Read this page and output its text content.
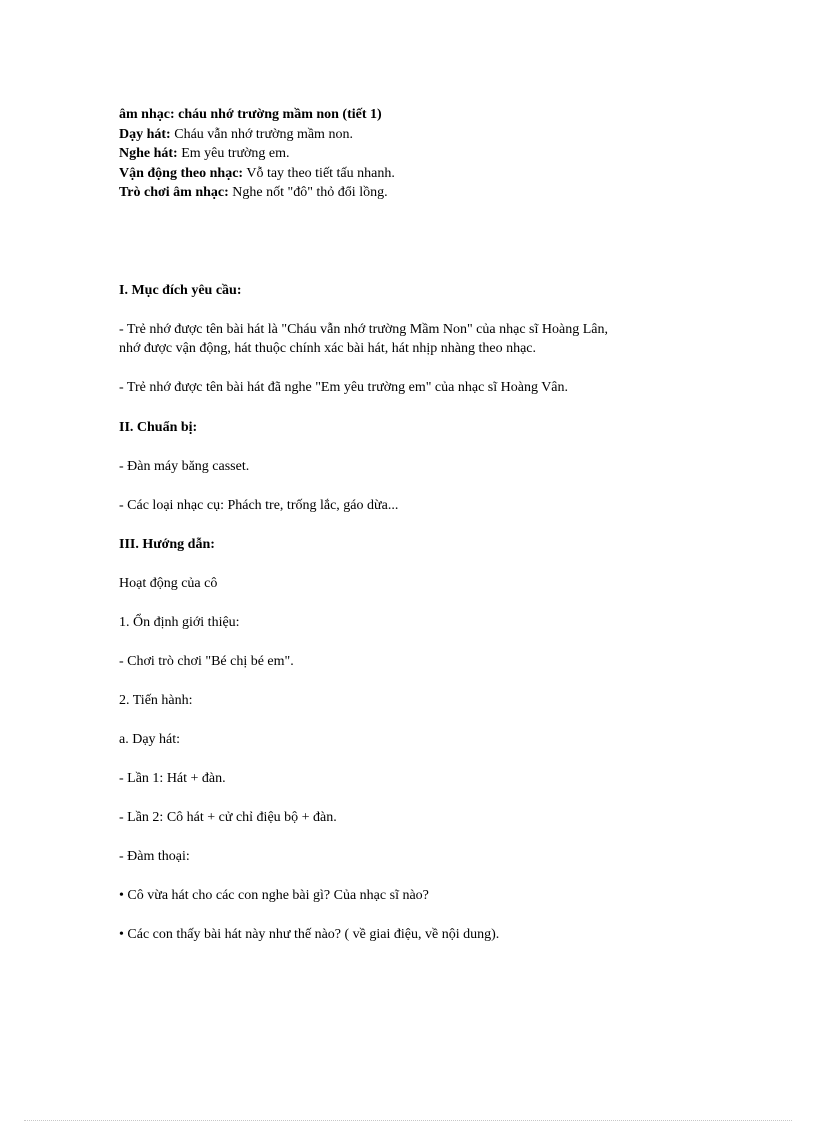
âm nhạc: cháu nhớ trường mầm non (tiết 1)
Dạy hát: Cháu vẫn nhớ trường mầm non.
Nghe hát: Em yêu trường em.
Vận động theo nhạc: Vỗ tay theo tiết tấu nhanh.
Trò chơi âm nhạc: Nghe nốt "đô" thỏ đổi lồng.
I. Mục đích yêu cầu:
- Trẻ nhớ được tên bài hát là "Cháu vẫn nhớ trường Mầm Non" của nhạc sĩ Hoàng Lân,
nhớ được vận động, hát thuộc chính xác bài hát, hát nhịp nhàng theo nhạc.
- Trẻ nhớ được tên bài hát đã nghe "Em yêu trường em" của nhạc sĩ Hoàng Vân.
II. Chuẩn bị:
- Đàn máy băng casset.
- Các loại nhạc cụ: Phách tre, trống lắc, gáo dừa...
III. Hướng dẫn:
Hoạt động của cô
1. Ổn định giới thiệu:
- Chơi trò chơi "Bé chị bé em".
2. Tiến hành:
a. Dạy hát:
- Lần 1: Hát + đàn.
- Lần 2: Cô hát + cử chỉ điệu bộ + đàn.
- Đàm thoại:
• Cô vừa hát cho các con nghe bài gì? Của nhạc sĩ nào?
• Các con thấy bài hát này như thế nào? ( về giai điệu, về nội dung).
